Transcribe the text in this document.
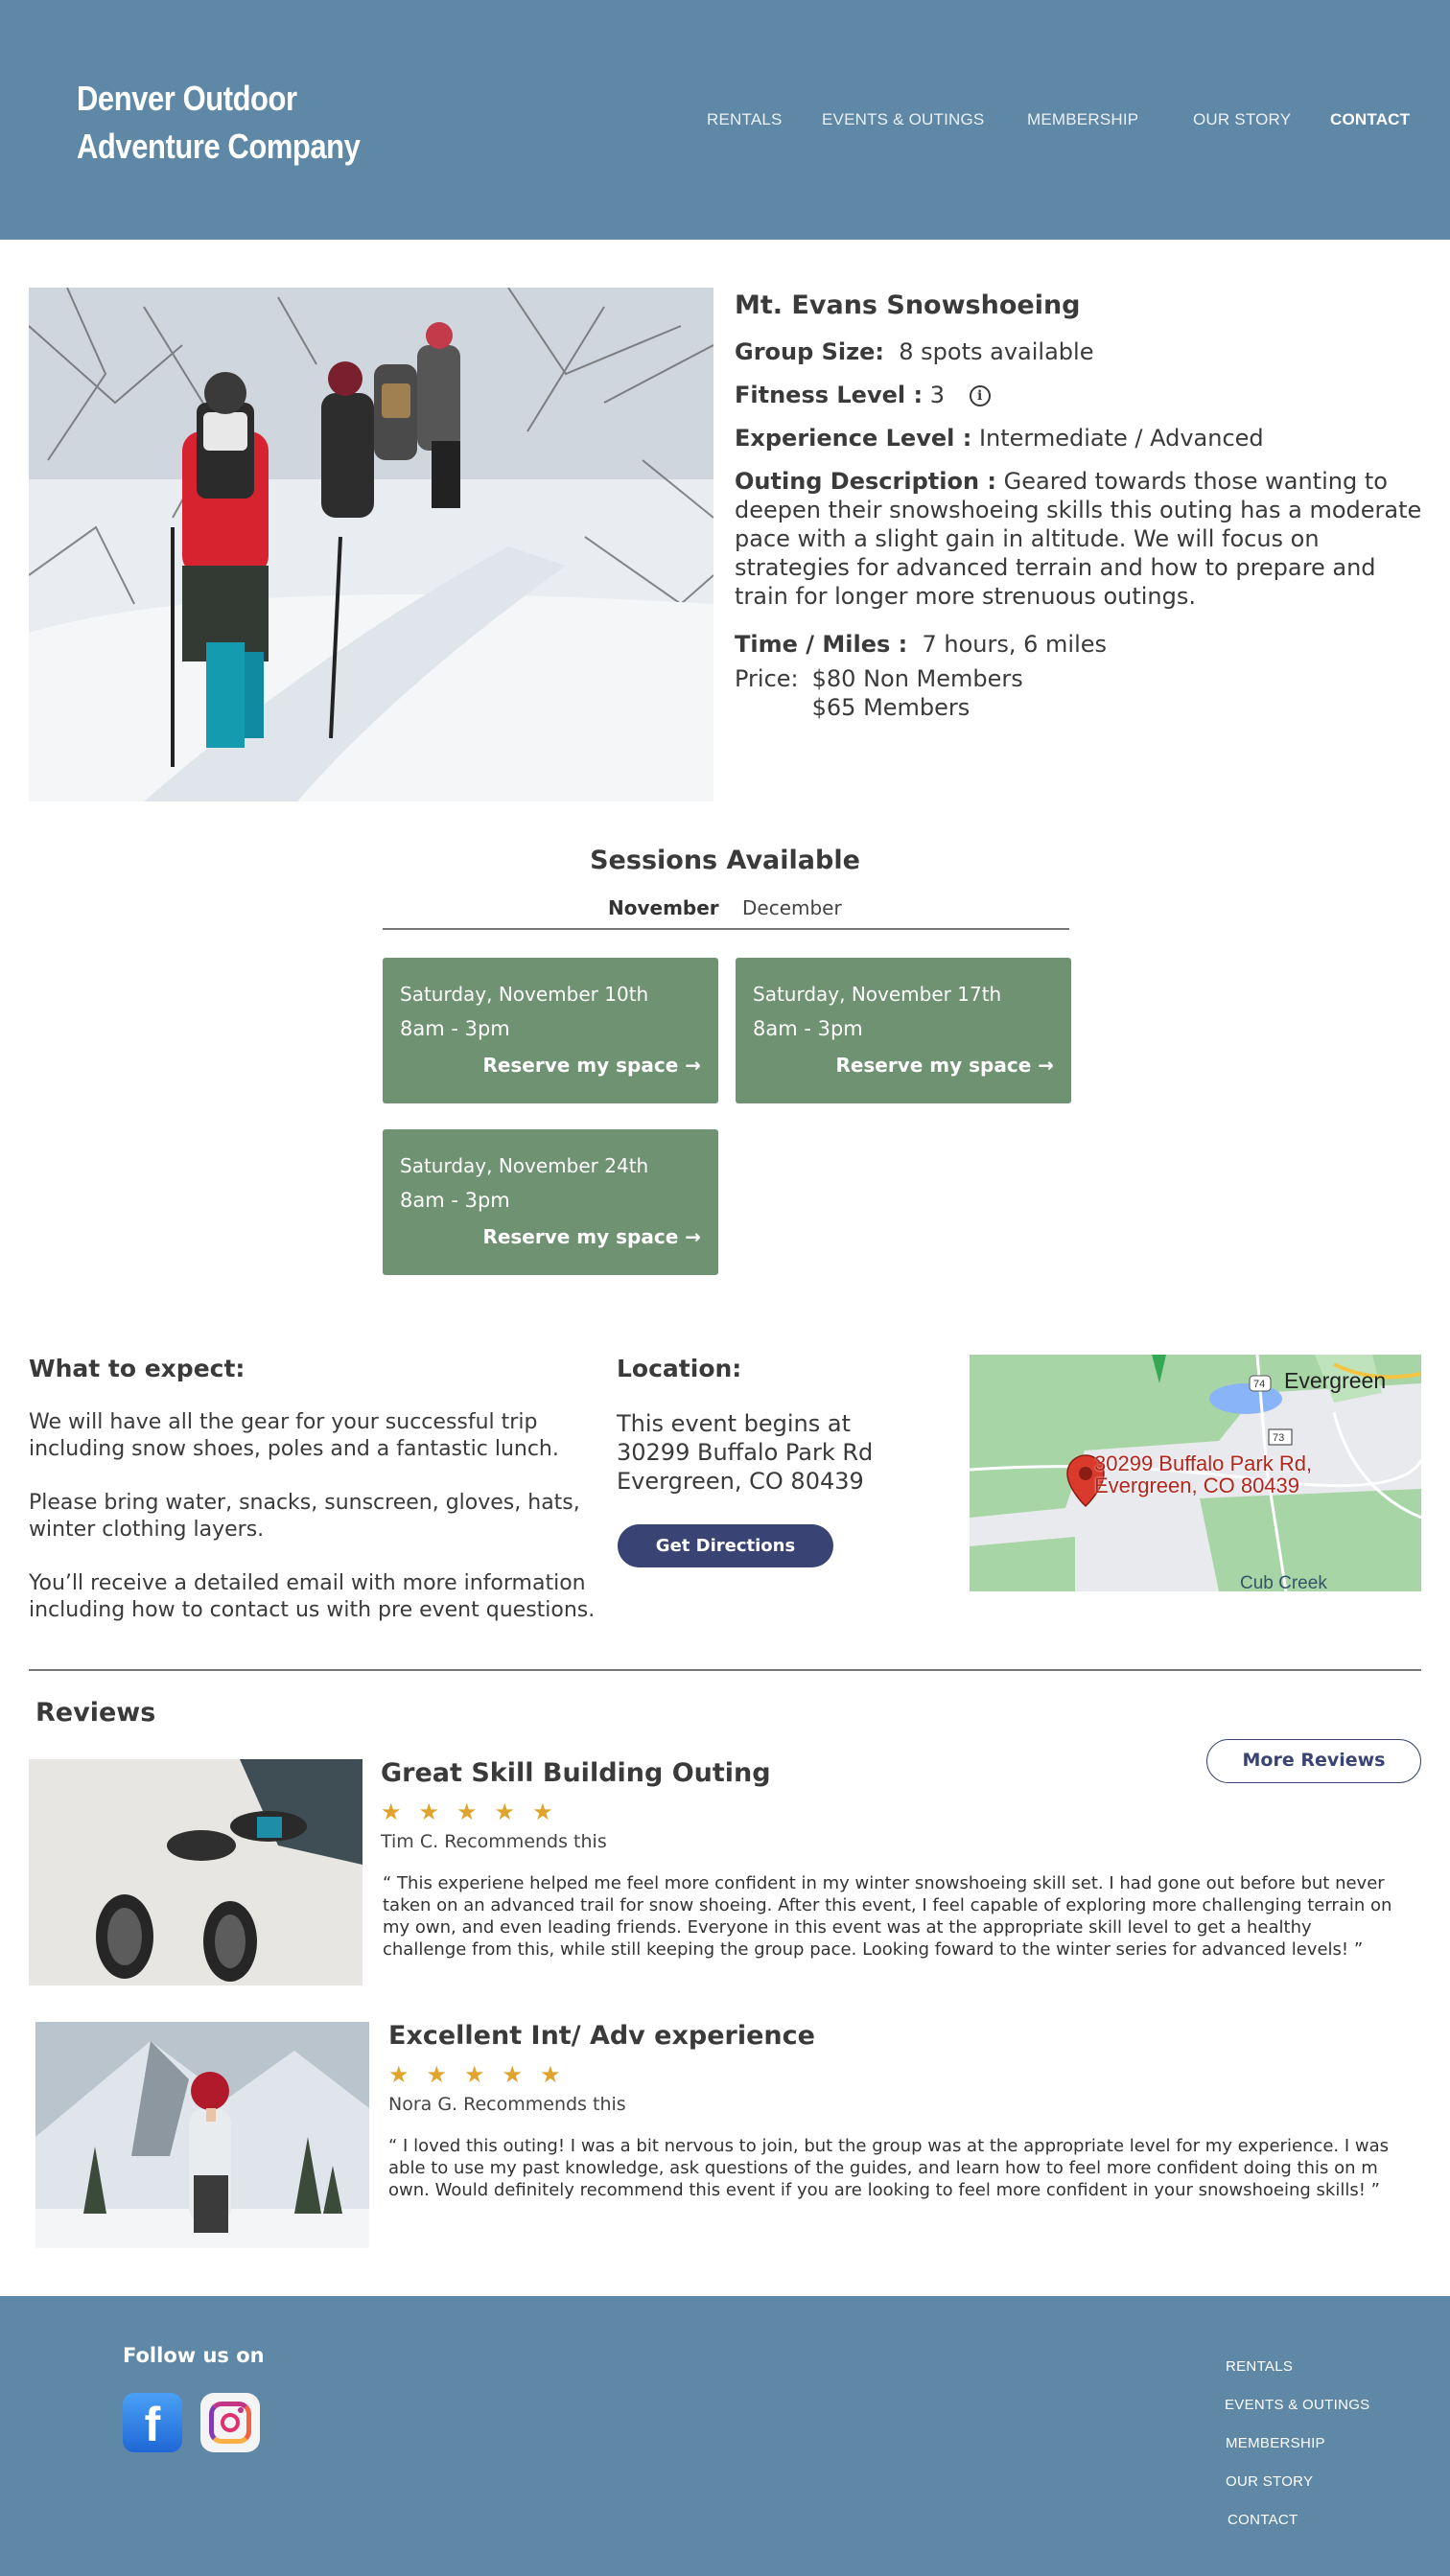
Denver Outdoor
Adventure Company
RENTALS EVENTS & OUTINGS	MEMBERSHIP	OUR STORY CONTACT
Mt. Evans Snowshoeing
Group Size: 8 spots available
Fitness Level : 3 i
Experience Level : Intermediate / Advanced
Outing Description : Geared towards those wanting to deepen their snowshoeing skills this outing has a moderate pace with a slight gain in altitude. We will focus on strategies for advanced terrain and how to prepare and train for longer more strenuous outings.
Time / Miles : 7 hours, 6 miles
Price: $80 Non Members
$65 Members
Sessions Available
November December
Saturday, November 10th
8am - 3pm
Reserve my space →
Saturday, November 17th
8am - 3pm
Reserve my space →
Saturday, November 24th
8am - 3pm
Reserve my space →
What to expect:

We will have all the gear for your successful trip including snow shoes, poles and a fantastic lunch.

Please bring water, snacks, sunscreen, gloves, hats, winter clothing layers.

You’ll receive a detailed email with more information including how to contact us with pre event questions.

Location:
This event begins at
30299 Buffalo Park Rd
Evergreen, CO 80439
Get Directions
74
73
Evergreen
30299 Buffalo Park Rd,
Evergreen, CO 80439
Cub Creek
Reviews
More Reviews
Great Skill Building Outing
★★★★★
Tim C. Recommends this
“ This experiene helped me feel more confident in my winter snowshoeing skill set. I had gone out before but never taken on an advanced trail for snow shoeing. After this event, I feel capable of exploring more challenging terrain on my own, and even leading friends. Everyone in this event was at the appropriate skill level to get a healthy challenge from this, while still keeping the group pace. Looking foward to the winter series for advanced levels! ”
Excellent Int/ Adv experience
★★★★★
Nora G. Recommends this
“ I loved this outing! I was a bit nervous to join, but the group was at the appropriate level for my experience. I was able to use my past knowledge, ask questions of the guides, and learn how to feel more confident doing this on m own. Would definitely recommend this event if you are looking to feel more confident in your snowshoeing skills! ”
Follow us on
f
RENTALS
EVENTS & OUTINGS
MEMBERSHIP
OUR STORY
CONTACT
